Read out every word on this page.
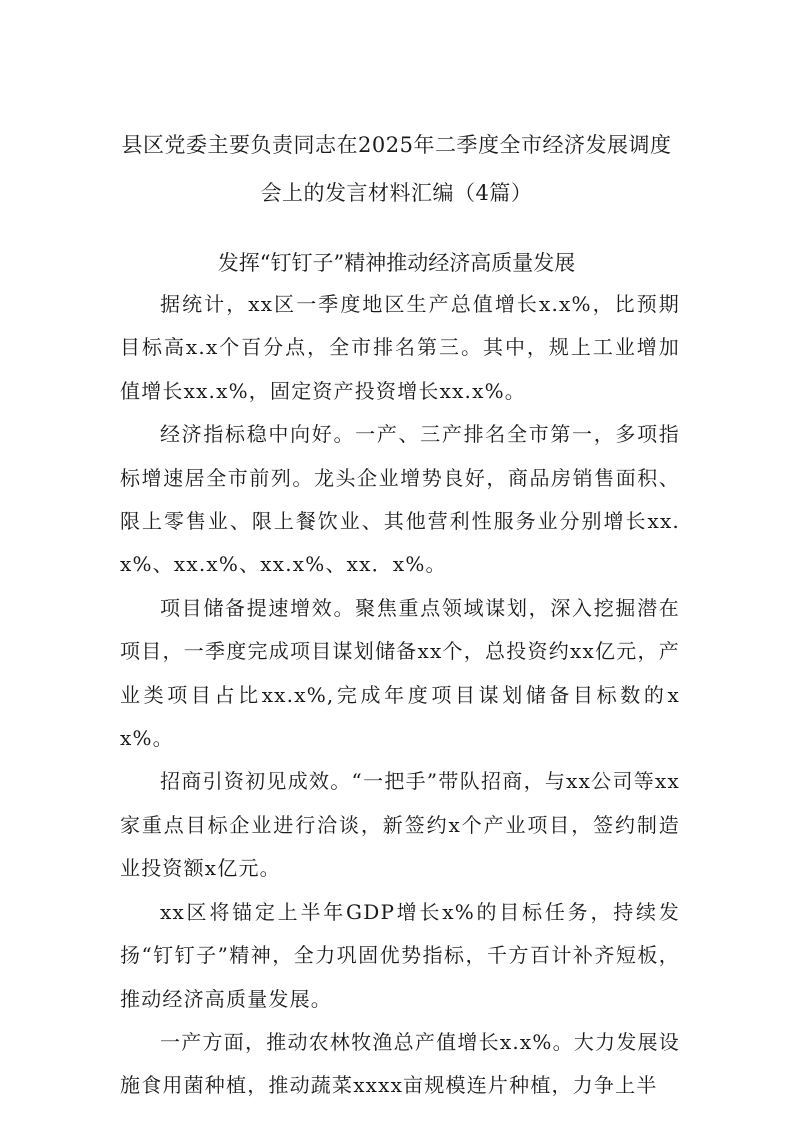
县区党委主要负责同志在2025年二季度全市经济发展调度
会上的发言材料汇编（4篇）
发挥“钉钉子”精神推动经济高质量发展

据统计，xx区一季度地区生产总值增长x.x%，比预期目标高x.x个百分点，全市排名第三。其中，规上工业增加值增长xx.x%，固定资产投资增长xx.x%。

经济指标稳中向好。一产、三产排名全市第一，多项指标增速居全市前列。龙头企业增势良好，商品房销售面积、限上零售业、限上餐饮业、其他营利性服务业分别增长xx.x%、xx.x%、xx.x%、xx．x%。

项目储备提速增效。聚焦重点领域谋划，深入挖掘潜在项目，一季度完成项目谋划储备xx个，总投资约xx亿元，产业类项目占比xx.x%,完成年度项目谋划储备目标数的xx%。

招商引资初见成效。“一把手”带队招商，与xx公司等xx家重点目标企业进行洽谈，新签约x个产业项目，签约制造业投资额x亿元。

xx区将锚定上半年GDP增长x%的目标任务，持续发扬“钉钉子”精神，全力巩固优势指标，千方百计补齐短板，推动经济高质量发展。

一产方面，推动农林牧渔总产值增长x.x%。大力发展设施食用菌种植，推动蔬菜xxxx亩规模连片种植，力争上半
